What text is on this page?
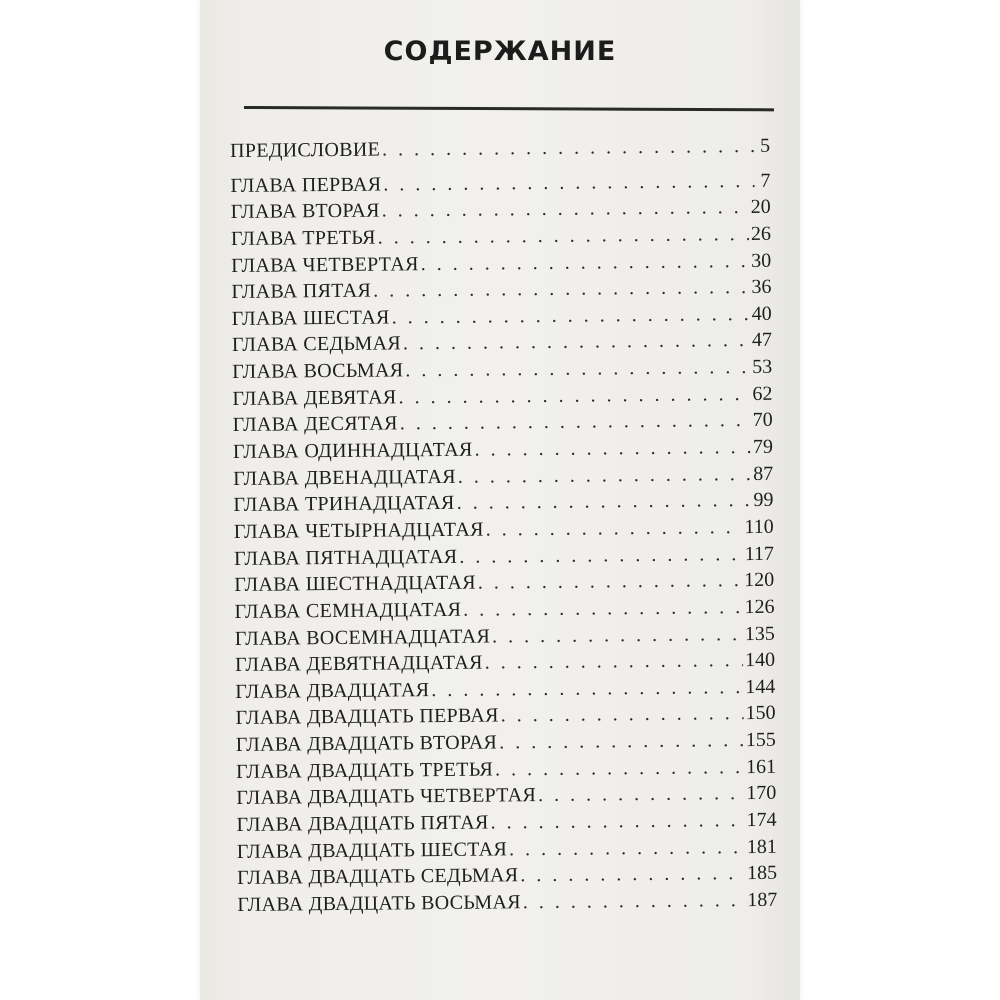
СОДЕРЖАНИЕ
ПРЕДИСЛОВИЕ . . .	5
ГЛАВА ПЕРВАЯ . . .	7
ГЛАВА ВТОРАЯ . . .	20
ГЛАВА ТРЕТЬЯ . . .	26
ГЛАВА ЧЕТВЕРТАЯ . . .	30
ГЛАВА ПЯТАЯ . . .	36
ГЛАВА ШЕСТАЯ . . .	40
ГЛАВА СЕДЬМАЯ . . .	47
ГЛАВА ВОСЬМАЯ . . .	53
ГЛАВА ДЕВЯТАЯ . . .	62
ГЛАВА ДЕСЯТАЯ . . .	70
ГЛАВА ОДИННАДЦАТАЯ . . .	79
ГЛАВА ДВЕНАДЦАТАЯ . . .	87
ГЛАВА ТРИНАДЦАТАЯ . . .	99
ГЛАВА ЧЕТЫРНАДЦАТАЯ . . .	110
ГЛАВА ПЯТНАДЦАТАЯ . . .	117
ГЛАВА ШЕСТНАДЦАТАЯ . . .	120
ГЛАВА СЕМНАДЦАТАЯ . . .	126
ГЛАВА ВОСЕМНАДЦАТАЯ . . .	135
ГЛАВА ДЕВЯТНАДЦАТАЯ . . .	140
ГЛАВА ДВАДЦАТАЯ . . .	144
ГЛАВА ДВАДЦАТЬ ПЕРВАЯ . . .	150
ГЛАВА ДВАДЦАТЬ ВТОРАЯ . . .	155
ГЛАВА ДВАДЦАТЬ ТРЕТЬЯ . . .	161
ГЛАВА ДВАДЦАТЬ ЧЕТВЕРТАЯ . . .	170
ГЛАВА ДВАДЦАТЬ ПЯТАЯ . . .	174
ГЛАВА ДВАДЦАТЬ ШЕСТАЯ . . .	181
ГЛАВА ДВАДЦАТЬ СЕДЬМАЯ . . .	185
ГЛАВА ДВАДЦАТЬ ВОСЬМАЯ . . .	187
